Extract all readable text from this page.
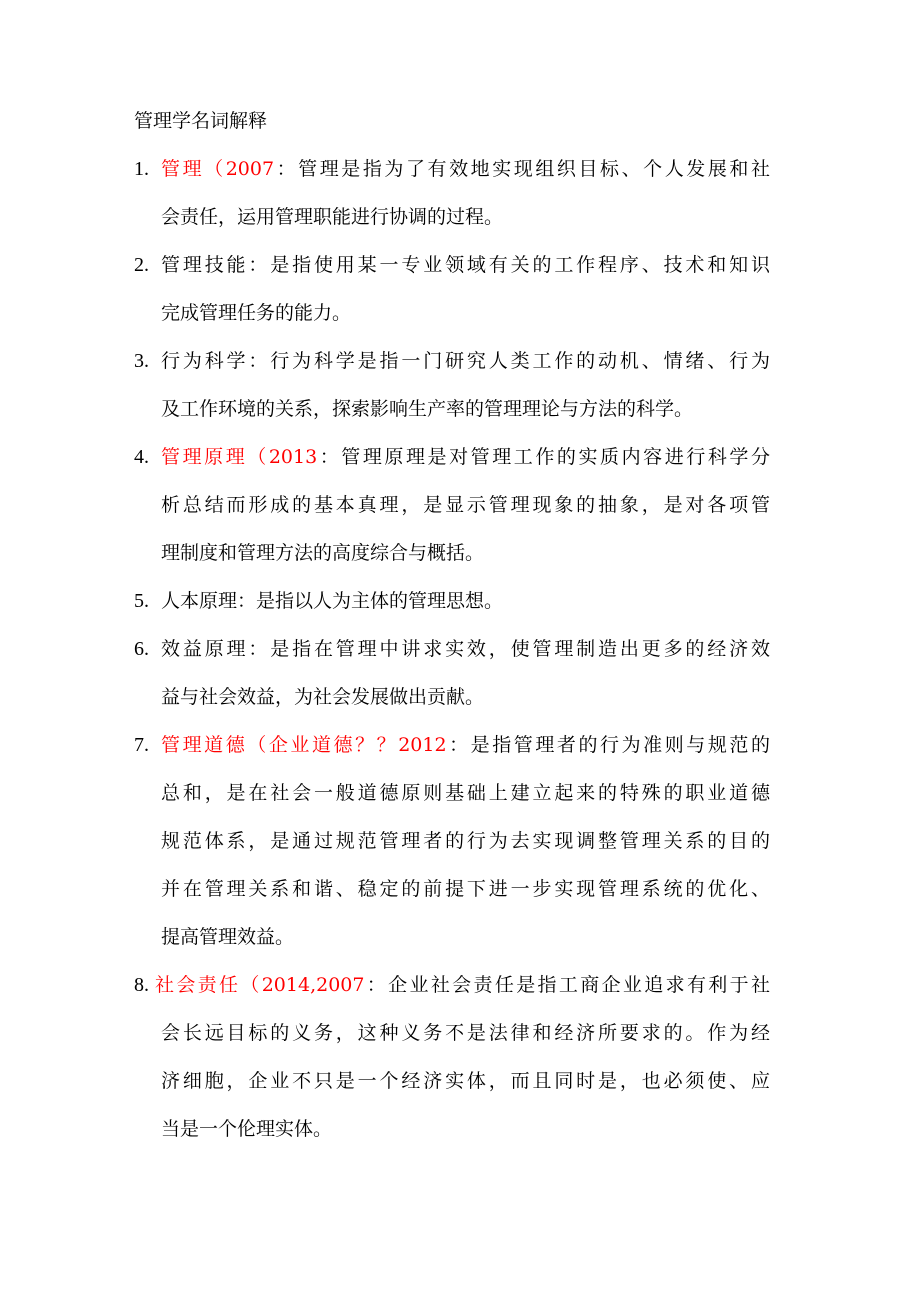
管理学名词解释
1. 管理（2007：管理是指为了有效地实现组织目标、个人发展和社
会责任，运用管理职能进行协调的过程。
2. 管理技能：是指使用某一专业领域有关的工作程序、技术和知识
完成管理任务的能力。
3. 行为科学：行为科学是指一门研究人类工作的动机、情绪、行为
及工作环境的关系，探索影响生产率的管理理论与方法的科学。
4. 管理原理（2013：管理原理是对管理工作的实质内容进行科学分
析总结而形成的基本真理，是显示管理现象的抽象，是对各项管
理制度和管理方法的高度综合与概括。
5. 人本原理：是指以人为主体的管理思想。
6. 效益原理：是指在管理中讲求实效，使管理制造出更多的经济效
益与社会效益，为社会发展做出贡献。
7. 管理道德（企业道德？？2012：是指管理者的行为准则与规范的
总和，是在社会一般道德原则基础上建立起来的特殊的职业道德
规范体系，是通过规范管理者的行为去实现调整管理关系的目的
并在管理关系和谐、稳定的前提下进一步实现管理系统的优化、
提高管理效益。
8. 社会责任（2014,2007：企业社会责任是指工商企业追求有利于社
会长远目标的义务，这种义务不是法律和经济所要求的。作为经
济细胞，企业不只是一个经济实体，而且同时是，也必须使、应
当是一个伦理实体。
